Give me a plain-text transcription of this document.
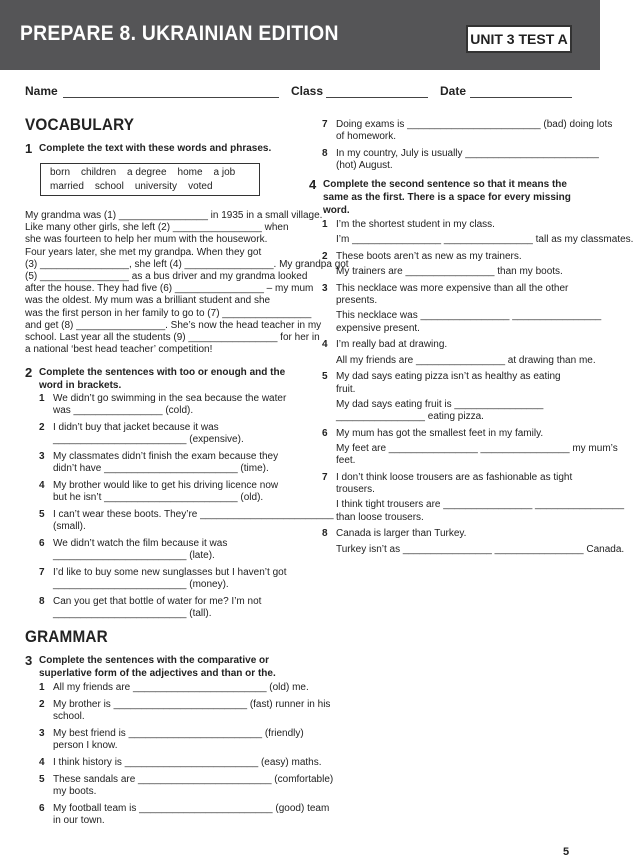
PREPARE 8. UKRAINIAN EDITION	UNIT 3 TEST A
Name	Class	Date
VOCABULARY
1 Complete the text with these words and phrases.
born children a degree home a job
married school university voted
My grandma was (1) ________________ in 1935 in a small village.
Like many other girls, she left (2) ________________ when
she was fourteen to help her mum with the housework.
Four years later, she met my grandpa. When they got
(3) ________________, she left (4) ________________. My grandpa got
(5) ________________ as a bus driver and my grandma looked
after the house. They had five (6) ________________ – my mum
was the oldest. My mum was a brilliant student and she
was the first person in her family to go to (7) ________________
and get (8) ________________. She’s now the head teacher in my
school. Last year all the students (9) ________________ for her in
a national ‘best head teacher’ competition!
2 Complete the sentences with too or enough and the
word in brackets.
1 We didn’t go swimming in the sea because the water
was ________________ (cold).
2 I didn’t buy that jacket because it was
________________________ (expensive).
3 My classmates didn’t finish the exam because they
didn’t have ________________________ (time).
4 My brother would like to get his driving licence now
but he isn’t ________________________ (old).
5 I can’t wear these boots. They’re ________________________
(small).
6 We didn’t watch the film because it was
________________________ (late).
7 I’d like to buy some new sunglasses but I haven’t got
________________________ (money).
8 Can you get that bottle of water for me? I’m not
________________________ (tall).
GRAMMAR
3 Complete the sentences with the comparative or
superlative form of the adjectives and than or the.
1 All my friends are ________________________ (old) me.
2 My brother is ________________________ (fast) runner in his
school.
3 My best friend is ________________________ (friendly)
person I know.
4 I think history is ________________________ (easy) maths.
5 These sandals are ________________________ (comfortable)
my boots.
6 My football team is ________________________ (good) team
in our town.
7 Doing exams is ________________________ (bad) doing lots
of homework.
8 In my country, July is usually ________________________
(hot) August.
4 Complete the second sentence so that it means the
same as the first. There is a space for every missing
word.
1 I’m the shortest student in my class.
I’m ________________ ________________ tall as my classmates.
2 These boots aren’t as new as my trainers.
My trainers are ________________ than my boots.
3 This necklace was more expensive than all the other
presents.
This necklace was ________________ ________________
expensive present.
4 I’m really bad at drawing.
All my friends are ________________ at drawing than me.
5 My dad says eating pizza isn’t as healthy as eating
fruit.
My dad says eating fruit is ________________
________________ eating pizza.
6 My mum has got the smallest feet in my family.
My feet are ________________ ________________ my mum’s
feet.
7 I don’t think loose trousers are as fashionable as tight
trousers.
I think tight trousers are ________________ ________________
than loose trousers.
8 Canada is larger than Turkey.
Turkey isn’t as ________________ ________________ Canada.
5
